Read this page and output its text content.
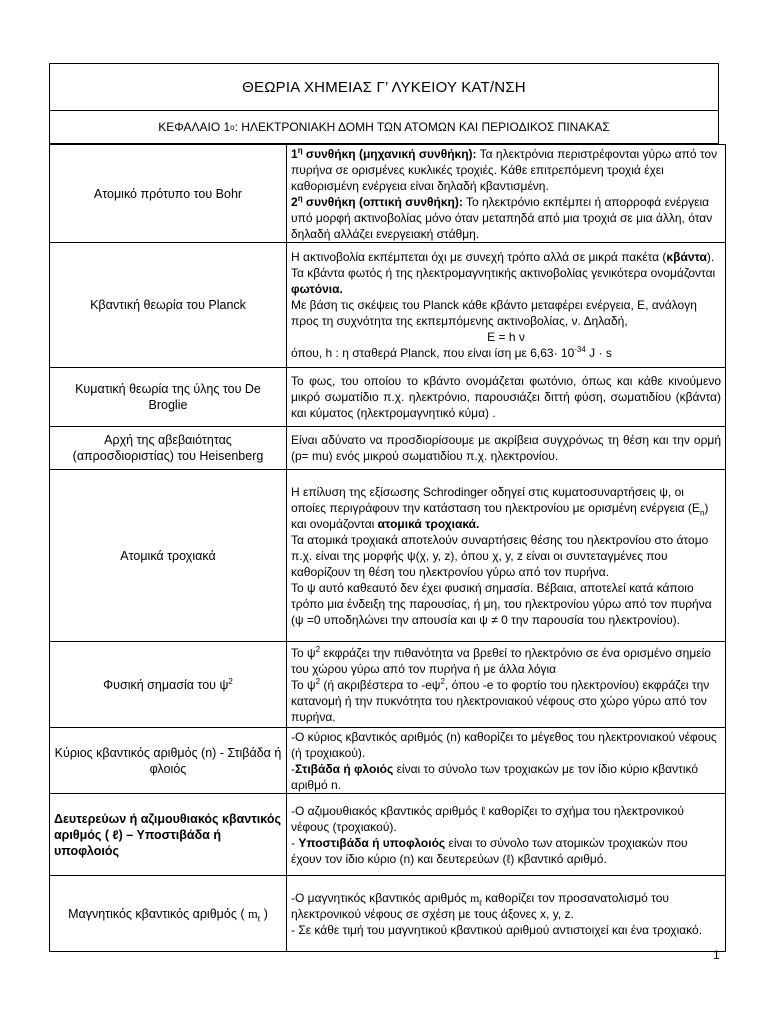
ΘΕΩΡΙΑ ΧΗΜΕΙΑΣ Γ’ ΛΥΚΕΙΟΥ ΚΑΤ/ΝΣΗ
ΚΕΦΑΛΑΙΟ 1 ο : ΗΛΕΚΤΡΟΝΙΑΚΗ ΔΟΜΗ ΤΩΝ ΑΤΟΜΩΝ ΚΑΙ ΠΕΡΙΟΔΙΚΟΣ ΠΙΝΑΚΑΣ
Ατομικό πρότυπο του Bohr	$1^\eta$ συνθήκη (μηχανική συνθήκη): Τα ηλεκτρόνια περιστρέφονται γύρω από τον πυρήνα σε ορισμένες κυκλικές τροχιές. Κάθε επιτρεπόμενη τροχιά έχει καθορισμένη ενέργεια είναι δηλαδή κβαντισμένη.

$2^\eta$ συνθήκη (οπτική συνθήκη): Το ηλεκτρόνιο εκπέμπει ή απορροφά ενέργεια υπό μορφή ακτινοβολίας μόνο όταν μεταπηδά από μια τροχιά σε μια άλλη, όταν δηλαδή αλλάζει ενεργειακή στάθμη.

Κβαντική θεωρία του Planck	Η ακτινοβολία εκπέμπεται όχι με συνεχή τρόπο αλλά σε μικρά πακέτα (κβάντα). Τα κβάντα φωτός ή της ηλεκτρομαγνητικής ακτινοβολίας γενικότερα ονομάζονται φωτόνια.

Με βάση τις σκέψεις του Planck κάθε κβάντο μεταφέρει ενέργεια, Ε, ανάλογη προς τη συχνότητα της εκπεμπόμενης ακτινοβολίας, ν. Δηλαδή,

E = h ν

όπου, h : η σταθερά Planck, που είναι ίση με $6,63\cdot 10^{-34}$ J · s

Κυματική θεωρία της ύλης του De Broglie	Το φως, του οποίου το κβάντο ονομάζεται φωτόνιο, όπως και κάθε κινούμενο μικρό σωματίδιο π.χ. ηλεκτρόνιο, παρουσιάζει διττή φύση, σωματιδίου (κβάντα) και κύματος (ηλεκτρομαγνητικό κύμα) .
Αρχή της αβεβαιότητας (απροσδιοριστίας) του Heisenberg	Είναι αδύνατο να προσδιορίσουμε με ακρίβεια συγχρόνως τη θέση και την ορμή (p= mu) ενός μικρού σωματιδίου π.χ. ηλεκτρονίου.
Ατομικά τροχιακά	Η επίλυση της εξίσωσης Schrodinger οδηγεί στις κυματοσυναρτήσεις ψ, οι οποίες περιγράφουν την κατάσταση του ηλεκτρονίου με ορισμένη ενέργεια $(E_n)$ και ονομάζονται ατομικά τροχιακά.

Τα ατομικά τροχιακά αποτελούν συναρτήσεις θέσης του ηλεκτρονίου στο άτομο π.χ. είναι της μορφής ψ(χ, y, z), όπου χ, y, z είναι οι συντεταγμένες που καθορίζουν τη θέση του ηλεκτρονίου γύρω από τον πυρήνα.

Το ψ αυτό καθεαυτό δεν έχει φυσική σημασία. Βέβαια, αποτελεί κατά κάποιο τρόπο μια ένδειξη της παρουσίας, ή μη, του ηλεκτρονίου γύρω από τον πυρήνα (ψ =0 υποδηλώνει την απουσία και ψ ≠ 0 την παρουσία του ηλεκτρονίου).

Φυσική σημασία του $\psi^2$	Το $\psi^2$ εκφράζει την πιθανότητα να βρεθεί το ηλεκτρόνιο σε ένα ορισμένο σημείο του χώρου γύρω από τον πυρήνα ή με άλλα λόγια

Το $\psi^2$ (ή ακριβέστερα το $-e\psi^2$, όπου -e το φορτίο του ηλεκτρονίου) εκφράζει την κατανομή ή την πυκνότητα του ηλεκτρονιακού νέφους στο χώρο γύρω από τον πυρήνα.

Κύριος κβαντικός αριθμός (n) - Στιβάδα ή φλοιός	-Ο κύριος κβαντικός αριθμός (n) καθορίζει το μέγεθος του ηλεκτρονιακού νέφους (ή τροχιακού).

-Στιβάδα ή φλοιός είναι το σύνολο των τροχιακών με τον ίδιο κύριο κβαντικό αριθμό n.

Δευτερεύων ή αζιμουθιακός κβαντικός αριθμός ( ℓ) – Υποστιβάδα ή υποφλοιός	-Ο αζιμουθιακός κβαντικός αριθμός ℓ καθορίζει το σχήμα του ηλεκτρονικού νέφους (τροχιακού).

- Υποστιβάδα ή υποφλοιός είναι το σύνολο των ατομικών τροχιακών που έχουν τον ίδιο κύριο (n) και δευτερεύων (ℓ) κβαντικό αριθμό.

Μαγνητικός κβαντικός αριθμός ( $m_\ell$ )	-Ο μαγνητικός κβαντικός αριθμός $m_\ell$ καθορίζει τον προσανατολισμό του ηλεκτρονικού νέφους σε σχέση με τους άξονες x, y, z.

- Σε κάθε τιμή του μαγνητικού κβαντικού αριθμού αντιστοιχεί και ένα τροχιακό.

1
